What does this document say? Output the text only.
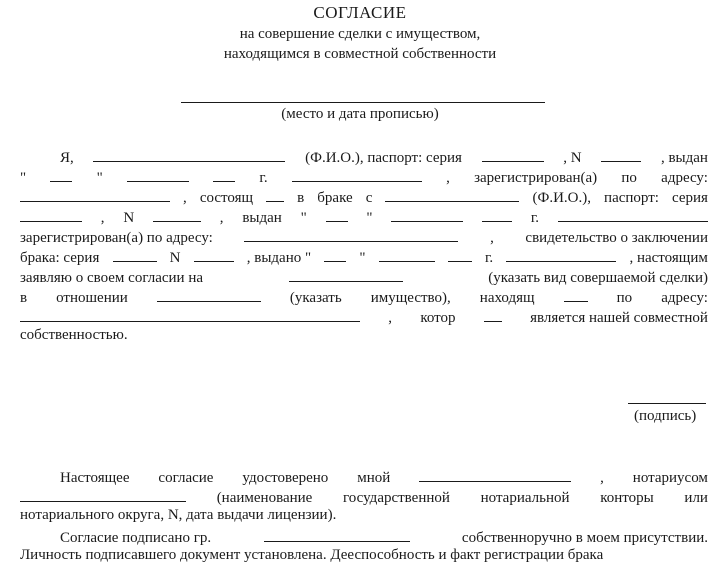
СОГЛАСИЕ
на совершение сделки с имуществом,
находящимся в совместной собственности
(место и дата прописью)
Я,	(Ф.И.О.), паспорт: серия	, N	, выдан
"	"	г.	, зарегистрирован(а) по адресу:
, состоящ	в браке с	(Ф.И.О.), паспорт: серия
, N	, выдан "	"	г.
зарегистрирован(а) по адресу:	, свидетельство о заключении
брака: серия	N	, выдано "	"	г.	, настоящим
заявляю о своем согласии на	(указать вид совершаемой сделки)
в отношении	(указать имущество), находящ	по адресу:
, котор	является нашей совместной
собственностью.
(подпись)
Настоящее согласие удостоверено мной	, нотариусом
(наименование государственной нотариальной конторы или
нотариального округа, N, дата выдачи лицензии).
Согласие подписано гр.	собственноручно в моем присутствии.
Личность подписавшего документ установлена. Дееспособность и факт регистрации брака
